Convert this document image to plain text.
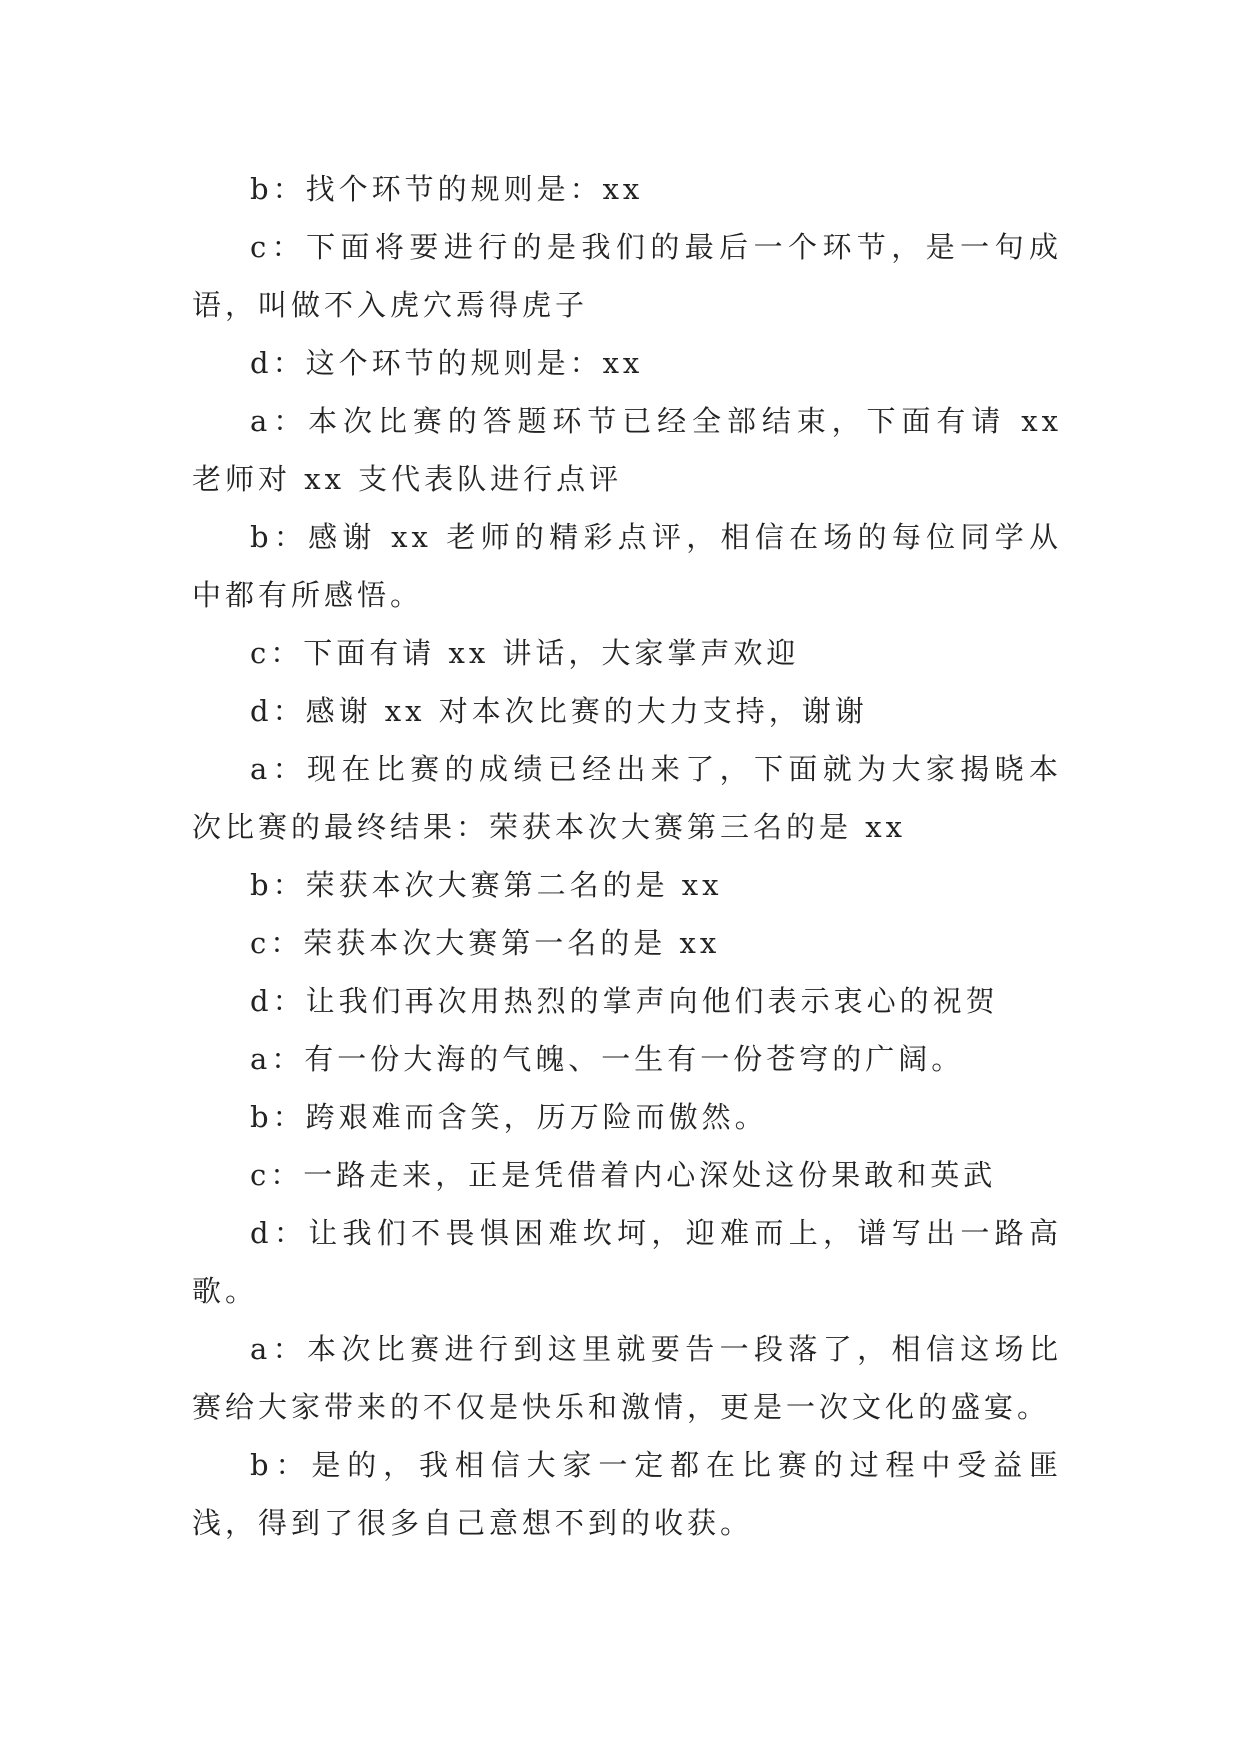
b：找个环节的规则是：xx

c：下面将要进行的是我们的最后一个环节，是一句成语，叫做不入虎穴焉得虎子

d：这个环节的规则是：xx

a：本次比赛的答题环节已经全部结束，下面有请 xx 老师对 xx 支代表队进行点评

b：感谢 xx 老师的精彩点评，相信在场的每位同学从中都有所感悟。

c：下面有请 xx 讲话，大家掌声欢迎

d：感谢 xx 对本次比赛的大力支持，谢谢

a：现在比赛的成绩已经出来了，下面就为大家揭晓本次比赛的最终结果：荣获本次大赛第三名的是 xx

b：荣获本次大赛第二名的是 xx

c：荣获本次大赛第一名的是 xx

d：让我们再次用热烈的掌声向他们表示衷心的祝贺

a：有一份大海的气魄、一生有一份苍穹的广阔。

b：跨艰难而含笑，历万险而傲然。

c：一路走来，正是凭借着内心深处这份果敢和英武

d：让我们不畏惧困难坎坷，迎难而上，谱写出一路高歌。

a：本次比赛进行到这里就要告一段落了，相信这场比赛给大家带来的不仅是快乐和激情，更是一次文化的盛宴。

b：是的，我相信大家一定都在比赛的过程中受益匪浅，得到了很多自己意想不到的收获。
